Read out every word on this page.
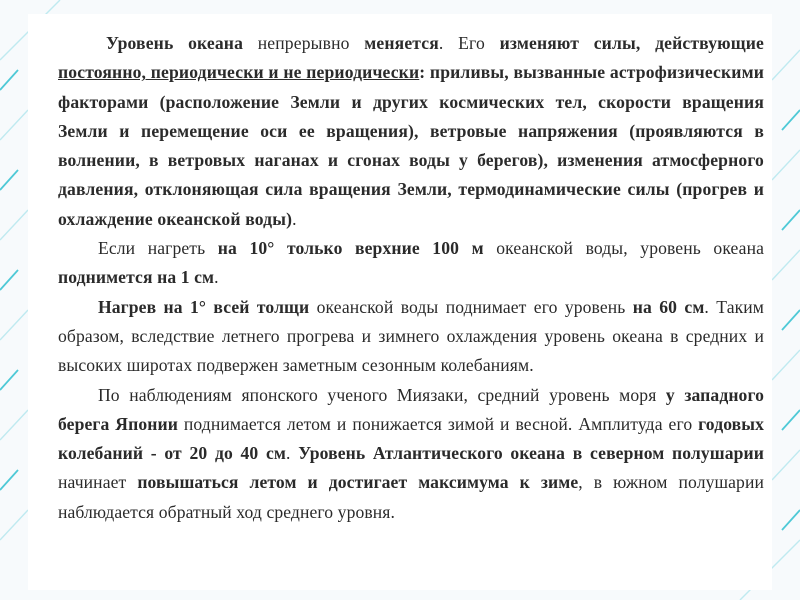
Уровень океана непрерывно меняется. Его изменяют силы, действующие постоянно, периодически и не периодически: приливы, вызванные астрофизическими факторами (расположение Земли и других космических тел, скорости вращения Земли и перемещение оси ее вращения), ветровые напряжения (проявляются в волнении, в ветровых наганах и сгонах воды у берегов), изменения атмосферного давления, отклоняющая сила вращения Земли, термодинамические силы (прогрев и охлаждение океанской воды).

Если нагреть на 10° только верхние 100 м океанской воды, уровень океана поднимется на 1 см.

Нагрев на 1° всей толщи океанской воды поднимает его уровень на 60 см. Таким образом, вследствие летнего прогрева и зимнего охлаждения уровень океана в средних и высоких широтах подвержен заметным сезонным колебаниям.

По наблюдениям японского ученого Миязаки, средний уровень моря у западного берега Японии поднимается летом и понижается зимой и весной. Амплитуда его годовых колебаний - от 20 до 40 см. Уровень Атлантического океана в северном полушарии начинает повышаться летом и достигает максимума к зиме, в южном полушарии наблюдается обратный ход среднего уровня.
